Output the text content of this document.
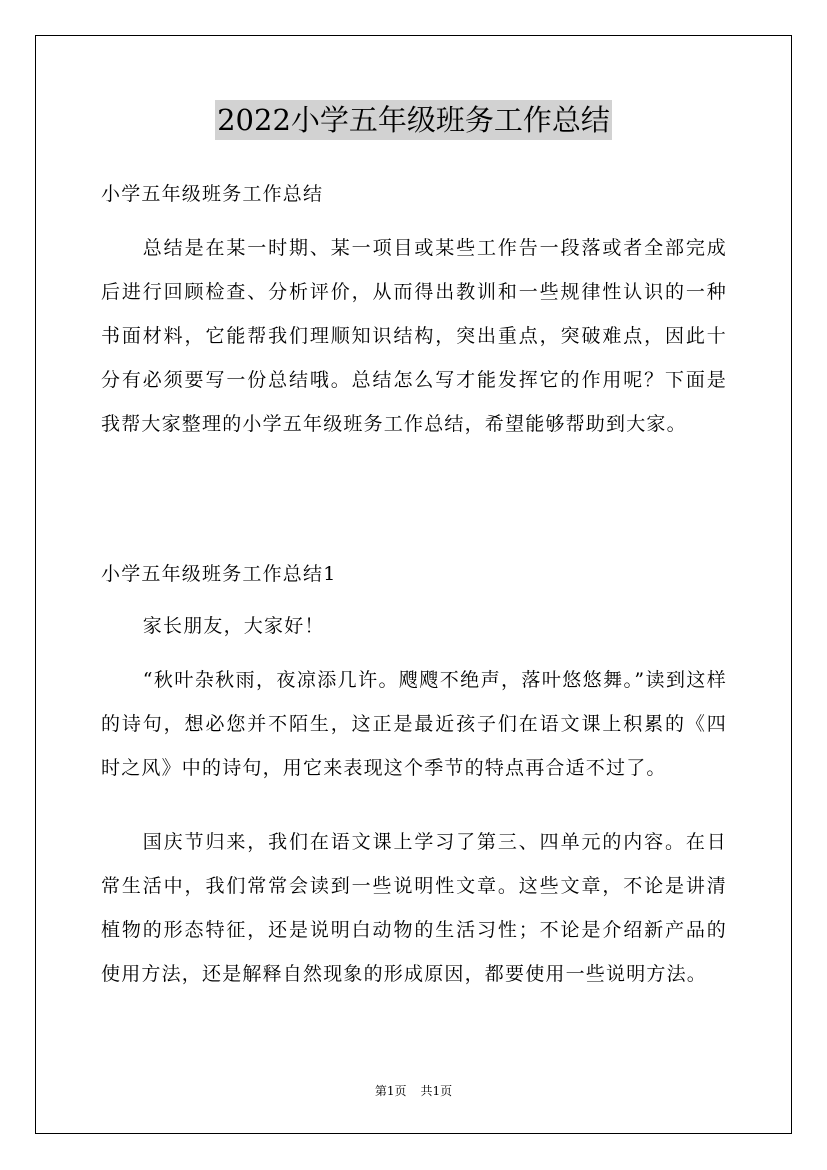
2022小学五年级班务工作总结
小学五年级班务工作总结
总结是在某一时期、某一项目或某些工作告一段落或者全部完成后进行回顾检查、分析评价，从而得出教训和一些规律性认识的一种书面材料，它能帮我们理顺知识结构，突出重点，突破难点，因此十分有必须要写一份总结哦。总结怎么写才能发挥它的作用呢？下面是我帮大家整理的小学五年级班务工作总结，希望能够帮助到大家。
小学五年级班务工作总结1
家长朋友，大家好！
“秋叶杂秋雨，夜凉添几许。飕飕不绝声，落叶悠悠舞。”读到这样的诗句，想必您并不陌生，这正是最近孩子们在语文课上积累的《四时之风》中的诗句，用它来表现这个季节的特点再合适不过了。
国庆节归来，我们在语文课上学习了第三、四单元的内容。在日常生活中，我们常常会读到一些说明性文章。这些文章，不论是讲清植物的形态特征，还是说明白动物的生活习性；不论是介绍新产品的使用方法，还是解释自然现象的形成原因，都要使用一些说明方法。
第1页 共1页
